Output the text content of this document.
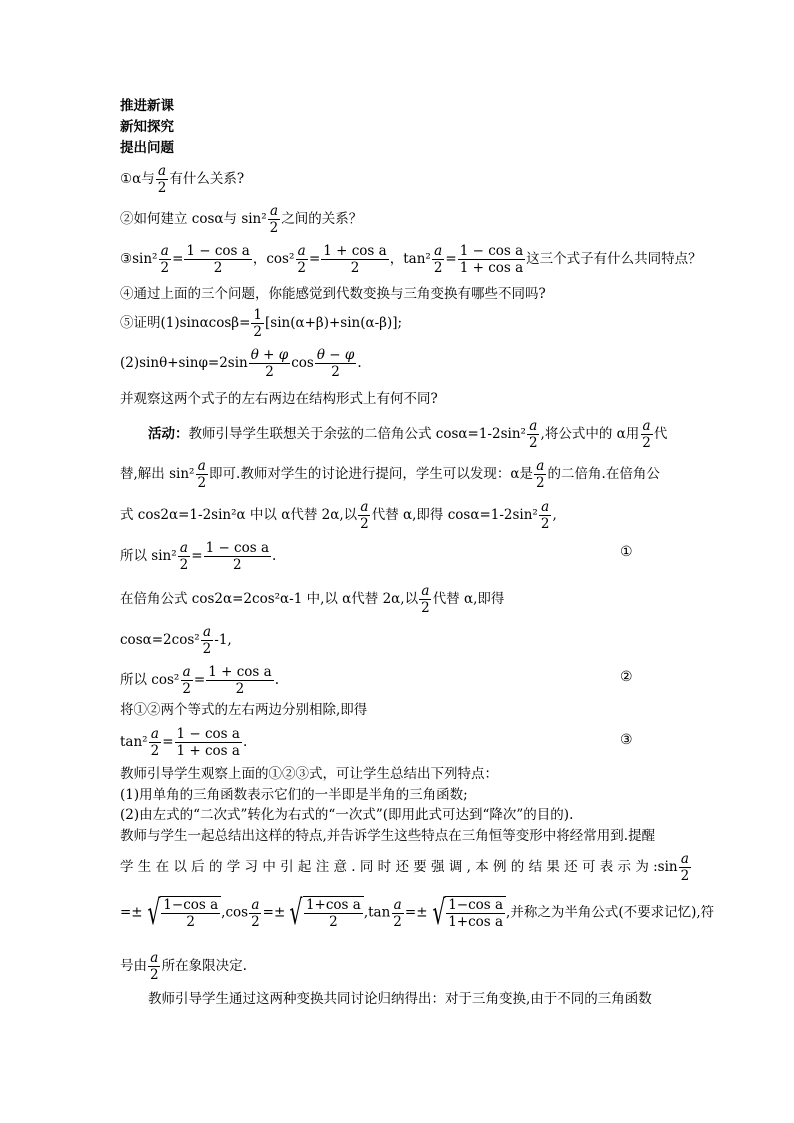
推进新课
新知探究
提出问题
①α与 $\frac{a}{2}$ 有什么关系?
②如何建立 cosα与 $\sin^2 \frac{a}{2}$ 之间的关系？
③sin² $\frac{a}{2} = \frac{\text{1 − cos a}}{2}$ ，$\cos^2 \frac{a}{2} = \frac{\text{1 + cos a}}{2}$ ，$\tan^2 \frac{a}{2} = \frac{\text{1 − cos a}}{\text{1 + cos a}}$ 这三个式子有什么共同特点？
④通过上面的三个问题，你能感觉到代数变换与三角变换有哪些不同吗?
⑤证明$(1)\sin\alpha\cos\beta= \frac{1}{2} [\sin(\alpha+\beta)+\sin(\alpha-\beta)]$;
$(2)\sin\theta+\sin\varphi=2\sin \frac{\theta + \varphi}{2}$ $\cos \frac{\theta - \varphi}{2}$ .
并观察这两个式子的左右两边在结构形式上有何不同?
活动：教师引导学生联想关于余弦的二倍角公式 $\cos\alpha=1-2\sin^2 \frac{a}{2}$ ,将公式中的 α用 $\frac{a}{2}$ 代
替,解出 $\sin^2 \frac{a}{2}$ 即可.教师对学生的讨论进行提问，学生可以发现：α是 $\frac{a}{2}$ 的二倍角.在倍角公
式 cos2α=1-2sin²α 中以 α代替 2α,以 $\frac{a}{2}$ 代替 α,即得 $\cos\alpha=1-2\sin^2 \frac{a}{2}$ ,
所以 $\sin^2 \frac{a}{2} = \frac{\text{1 − cos a}}{2}$ .	①
在倍角公式 cos2α=2cos²α-1 中,以 α代替 2α,以 $\frac{a}{2}$ 代替 α,即得
$\cos\alpha=2\cos^2 \frac{a}{2} -1$,
所以 $\cos^2 \frac{a}{2} = \frac{\text{1 + cos a}}{2}$ .	②
将①②两个等式的左右两边分别相除,即得
$\tan^2 \frac{a}{2} = \frac{\text{1 − cos a}}{\text{1 + cos a}}$ .	③
教师引导学生观察上面的①②③式，可让学生总结出下列特点：
(1)用单角的三角函数表示它们的一半即是半角的三角函数;
(2)由左式的“二次式”转化为右式的“一次式”(即用此式可达到“降次”的目的).
教师与学生一起总结出这样的特点,并告诉学生这些特点在三角恒等变形中将经常用到.提醒
学 生 在 以 后 的 学 习 中 引 起 注 意 . 同 时 还 要 强 调 , 本 例 的 结 果 还 可 表 示 为 :sin $\frac{a}{2}$
=± √ $\frac{\text{1−cos a}}{2} ,\cos \frac{a}{2}$ =± √ $\frac{\text{1+cos a}}{2} ,\tan \frac{a}{2}$ =± √ $\frac{\text{1−cos a}}{\text{1+cos a}}$ ,并称之为半角公式(不要求记忆),符
号由 $\frac{a}{2}$ 所在象限决定.
教师引导学生通过这两种变换共同讨论归纳得出：对于三角变换,由于不同的三角函数
